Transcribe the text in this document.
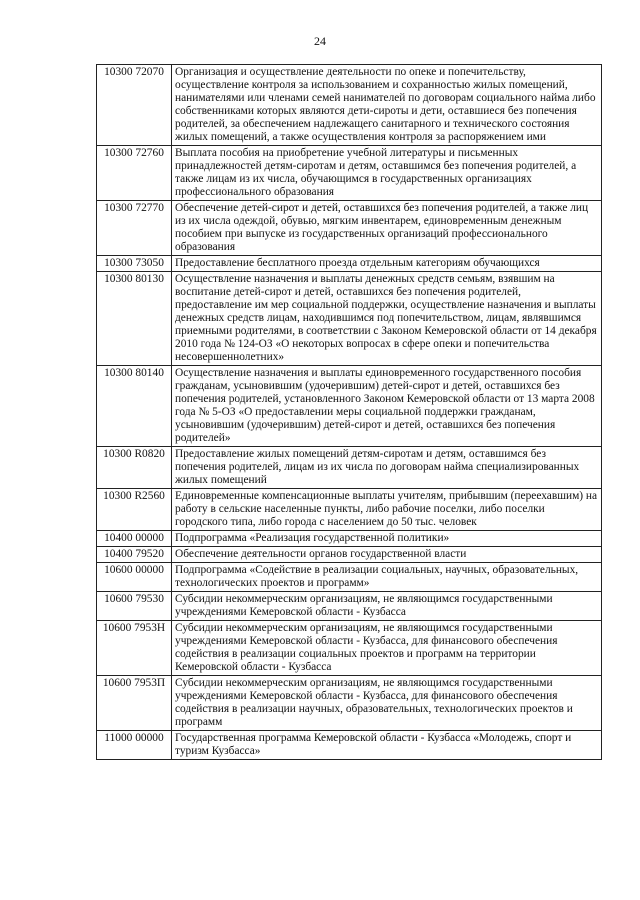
24
10300 72070	Организация и осуществление деятельности по опеке и попечительству, осуществление контроля за использованием и сохранностью жилых помещений, нанимателями или членами семей нанимателей по договорам социального найма либо собственниками которых являются дети-сироты и дети, оставшиеся без попечения родителей, за обеспечением надлежащего санитарного и технического состояния жилых помещений, а также осуществления контроля за распоряжением ими
10300 72760	Выплата пособия на приобретение учебной литературы и письменных принадлежностей детям-сиротам и детям, оставшимся без попечения родителей, а также лицам из их числа, обучающимся в государственных организациях профессионального образования
10300 72770	Обеспечение детей-сирот и детей, оставшихся без попечения родителей, а также лиц из их числа одеждой, обувью, мягким инвентарем, единовременным денежным пособием при выпуске из государственных организаций профессионального образования
10300 73050	Предоставление бесплатного проезда отдельным категориям обучающихся
10300 80130	Осуществление назначения и выплаты денежных средств семьям, взявшим на воспитание детей-сирот и детей, оставшихся без попечения родителей, предоставление им мер социальной поддержки, осуществление назначения и выплаты денежных средств лицам, находившимся под попечительством, лицам, являвшимся приемными родителями, в соответствии с Законом Кемеровской области от 14 декабря 2010 года № 124-ОЗ «О некоторых вопросах в сфере опеки и попечительства несовершеннолетних»
10300 80140	Осуществление назначения и выплаты единовременного государственного пособия гражданам, усыновившим (удочерившим) детей-сирот и детей, оставшихся без попечения родителей, установленного Законом Кемеровской области от 13 марта 2008 года № 5-ОЗ «О предоставлении меры социальной поддержки гражданам, усыновившим (удочерившим) детей-сирот и детей, оставшихся без попечения родителей»
10300 R0820	Предоставление жилых помещений детям-сиротам и детям, оставшимся без попечения родителей, лицам из их числа по договорам найма специализированных жилых помещений
10300 R2560	Единовременные компенсационные выплаты учителям, прибывшим (переехавшим) на работу в сельские населенные пункты, либо рабочие поселки, либо поселки городского типа, либо города с населением до 50 тыс. человек
10400 00000	Подпрограмма «Реализация государственной политики»
10400 79520	Обеспечение деятельности органов государственной власти
10600 00000	Подпрограмма «Содействие в реализации социальных, научных, образовательных, технологических проектов и программ»
10600 79530	Субсидии некоммерческим организациям, не являющимся государственными учреждениями Кемеровской области - Кузбасса
10600 7953Н	Субсидии некоммерческим организациям, не являющимся государственными учреждениями Кемеровской области - Кузбасса, для финансового обеспечения содействия в реализации социальных проектов и программ на территории Кемеровской области - Кузбасса
10600 7953П	Субсидии некоммерческим организациям, не являющимся государственными учреждениями Кемеровской области - Кузбасса, для финансового обеспечения содействия в реализации научных, образовательных, технологических проектов и программ
11000 00000	Государственная программа Кемеровской области - Кузбасса «Молодежь, спорт и туризм Кузбасса»
